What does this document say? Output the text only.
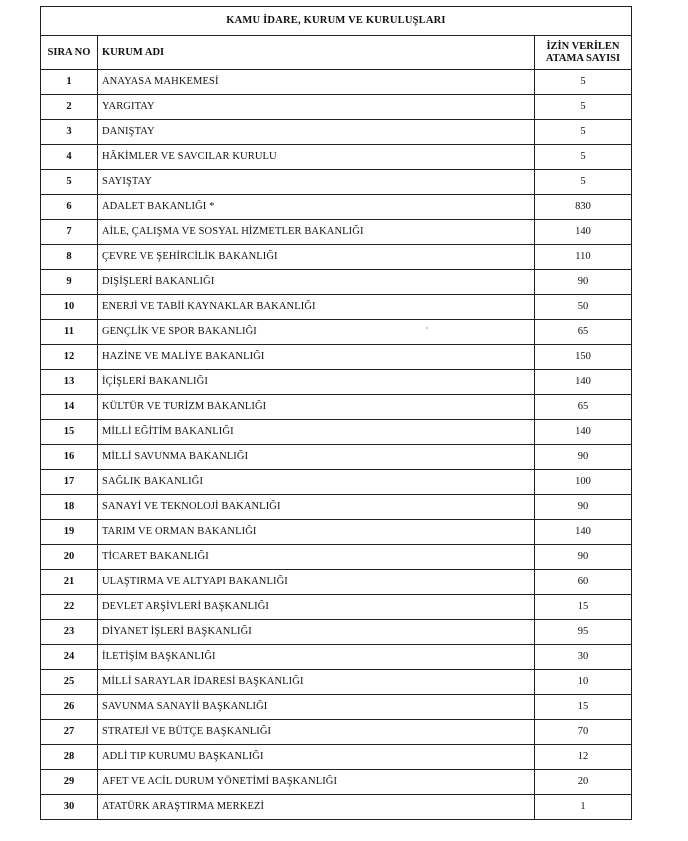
KAMU İDARE, KURUM VE KURULUŞLARI		
SIRA NO	KURUM ADI	İZİN VERİLEN
ATAMA SAYISI
1	ANAYASA MAHKEMESİ	5
2	YARGITAY	5
3	DANIŞTAY	5
4	HÂKİMLER VE SAVCILAR KURULU	5
5	SAYIŞTAY	5
6	ADALET BAKANLIĞI *	830
7	AİLE, ÇALIŞMA VE SOSYAL HİZMETLER BAKANLIĞI	140
8	ÇEVRE VE ŞEHİRCİLİK BAKANLIĞI	110
9	DIŞİŞLERİ BAKANLIĞI	90
10	ENERJİ VE TABİİ KAYNAKLAR BAKANLIĞI	50
11	GENÇLİK VE SPOR BAKANLIĞI	65
12	HAZİNE VE MALİYE BAKANLIĞI	150
13	İÇİŞLERİ BAKANLIĞI	140
14	KÜLTÜR VE TURİZM BAKANLIĞI	65
15	MİLLİ EĞİTİM BAKANLIĞI	140
16	MİLLİ SAVUNMA BAKANLIĞI	90
17	SAĞLIK BAKANLIĞI	100
18	SANAYİ VE TEKNOLOJİ BAKANLIĞI	90
19	TARIM VE ORMAN BAKANLIĞI	140
20	TİCARET BAKANLIĞI	90
21	ULAŞTIRMA VE ALTYAPI BAKANLIĞI	60
22	DEVLET ARŞİVLERİ BAŞKANLIĞI	15
23	DİYANET İŞLERİ BAŞKANLIĞI	95
24	İLETİŞİM BAŞKANLIĞI	30
25	MİLLİ SARAYLAR İDARESİ BAŞKANLIĞI	10
26	SAVUNMA SANAYİİ BAŞKANLIĞI	15
27	STRATEJİ VE BÜTÇE BAŞKANLIĞI	70
28	ADLİ TIP KURUMU BAŞKANLIĞI	12
29	AFET VE ACİL DURUM YÖNETİMİ BAŞKANLIĞI	20
30	ATATÜRK ARAŞTIRMA MERKEZİ	1
